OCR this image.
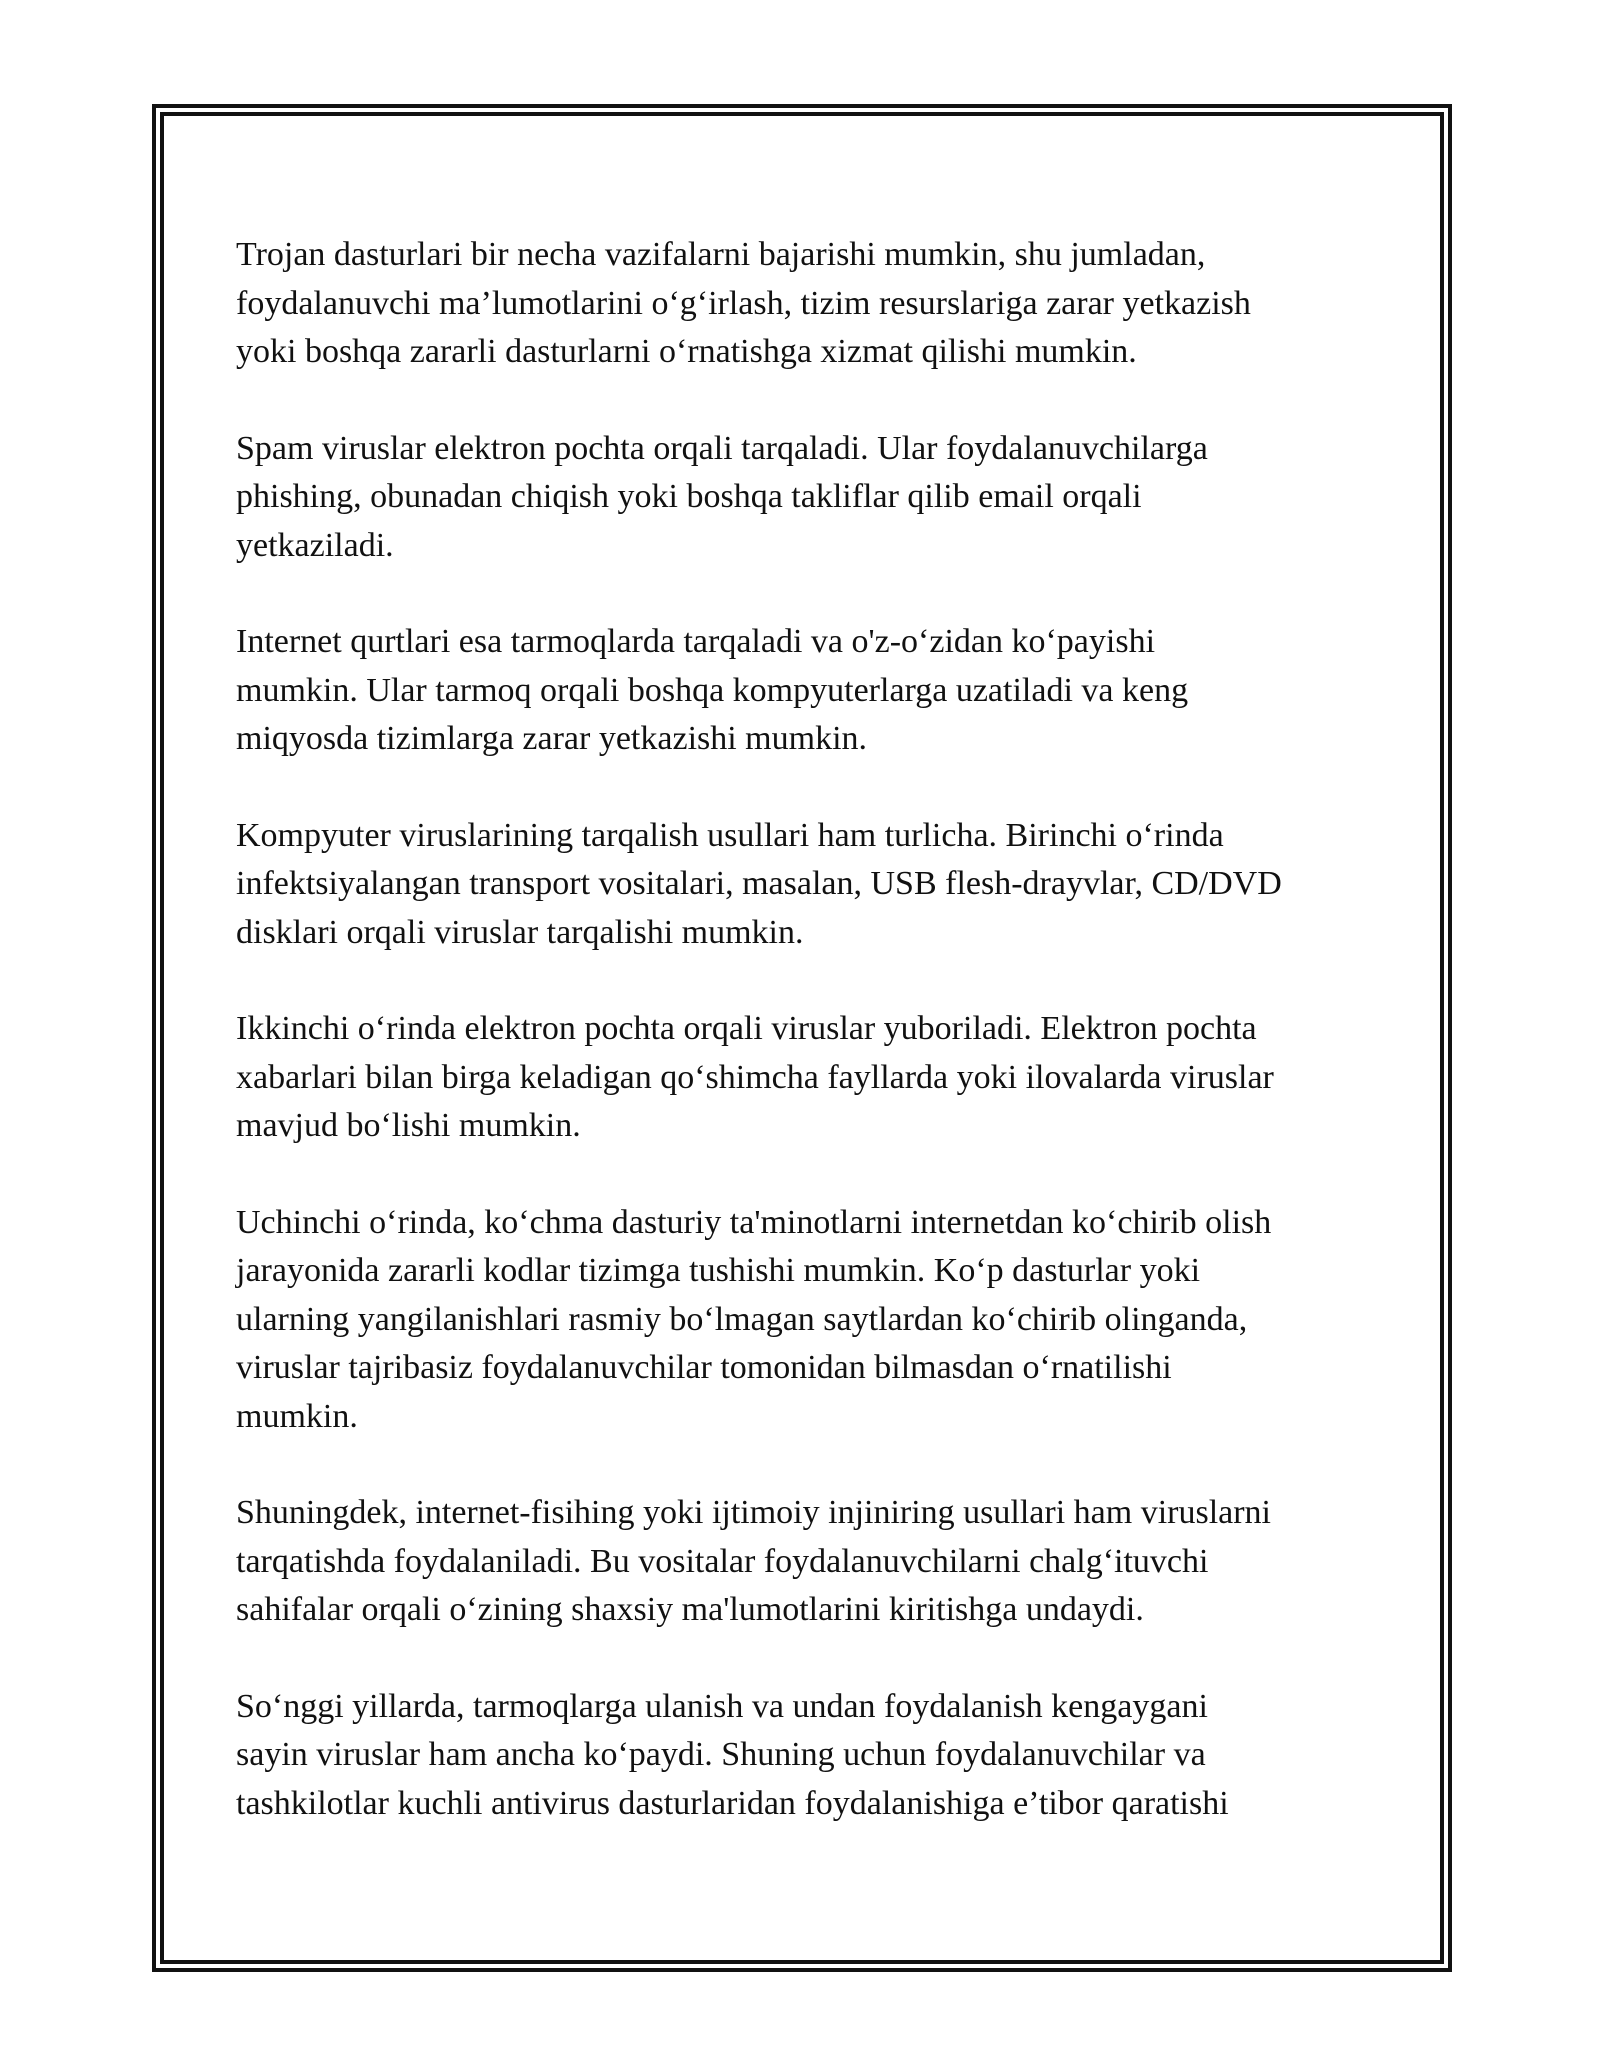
Trojan dasturlari bir necha vazifalarni bajarishi mumkin, shu jumladan,
foydalanuvchi ma’lumotlarini o‘g‘irlash, tizim resurslariga zarar yetkazish
yoki boshqa zararli dasturlarni o‘rnatishga xizmat qilishi mumkin.

Spam viruslar elektron pochta orqali tarqaladi. Ular foydalanuvchilarga
phishing, obunadan chiqish yoki boshqa takliflar qilib email orqali
yetkaziladi.

Internet qurtlari esa tarmoqlarda tarqaladi va o'z-o‘zidan ko‘payishi
mumkin. Ular tarmoq orqali boshqa kompyuterlarga uzatiladi va keng
miqyosda tizimlarga zarar yetkazishi mumkin.

Kompyuter viruslarining tarqalish usullari ham turlicha. Birinchi o‘rinda
infektsiyalangan transport vositalari, masalan, USB flesh-drayvlar, CD/DVD
disklari orqali viruslar tarqalishi mumkin.

Ikkinchi o‘rinda elektron pochta orqali viruslar yuboriladi. Elektron pochta
xabarlari bilan birga keladigan qo‘shimcha fayllarda yoki ilovalarda viruslar
mavjud bo‘lishi mumkin.

Uchinchi o‘rinda, ko‘chma dasturiy ta'minotlarni internetdan ko‘chirib olish
jarayonida zararli kodlar tizimga tushishi mumkin. Ko‘p dasturlar yoki
ularning yangilanishlari rasmiy bo‘lmagan saytlardan ko‘chirib olinganda,
viruslar tajribasiz foydalanuvchilar tomonidan bilmasdan o‘rnatilishi
mumkin.

Shuningdek, internet-fisihing yoki ijtimoiy injiniring usullari ham viruslarni
tarqatishda foydalaniladi. Bu vositalar foydalanuvchilarni chalg‘ituvchi
sahifalar orqali o‘zining shaxsiy ma'lumotlarini kiritishga undaydi.

So‘nggi yillarda, tarmoqlarga ulanish va undan foydalanish kengaygani
sayin viruslar ham ancha ko‘paydi. Shuning uchun foydalanuvchilar va
tashkilotlar kuchli antivirus dasturlaridan foydalanishiga e’tibor qaratishi
